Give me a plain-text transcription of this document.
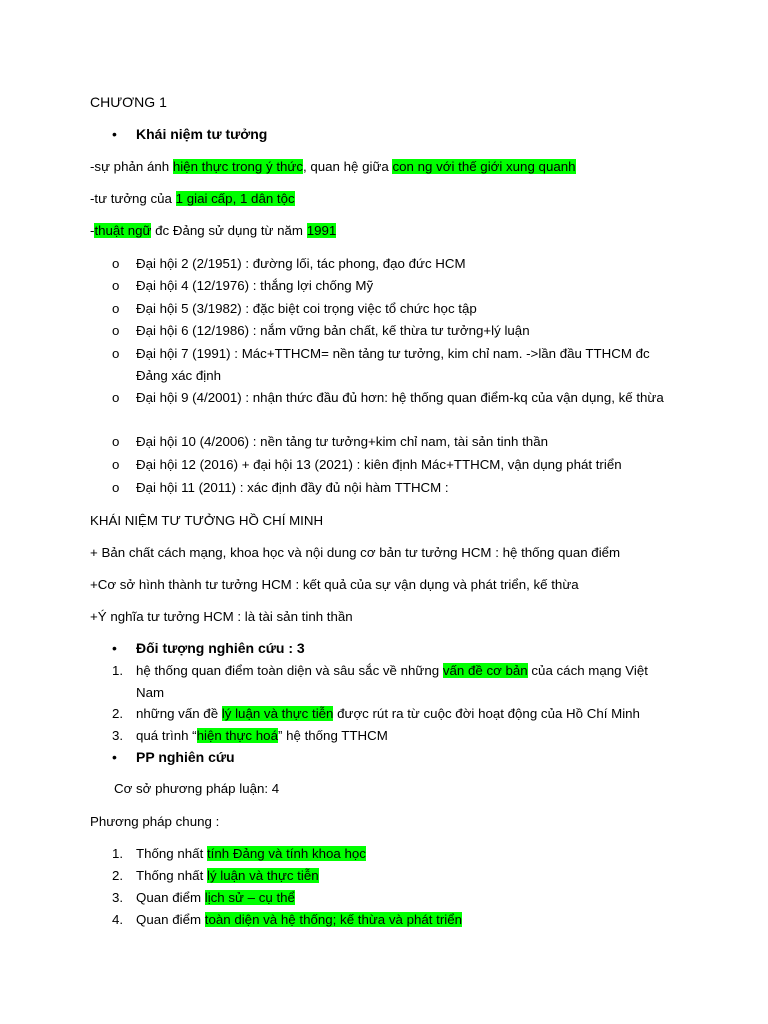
CHƯƠNG 1
• Khái niệm tư tưởng
-sự phản ánh hiện thực trong ý thức, quan hệ giữa con ng với thế giới xung quanh
-tư tưởng của 1 giai cấp, 1 dân tộc
-thuật ngữ đc Đảng sử dụng từ năm 1991
o Đại hội 2 (2/1951) : đường lối, tác phong, đạo đức HCM
o Đại hội 4 (12/1976) : thắng lợi chống Mỹ
o Đại hội 5 (3/1982) : đặc biệt coi trọng việc tổ chức học tập
o Đại hội 6 (12/1986) : nắm vững bản chất, kế thừa tư tưởng+lý luận
o Đại hội 7 (1991) : Mác+TTHCM= nền tảng tư tưởng, kim chỉ nam. ->lần đầu TTHCM đc Đảng xác định
o Đại hội 9 (4/2001) : nhận thức đầu đủ hơn: hệ thống quan điểm-kq của vận dụng, kế thừa
o Đại hội 10 (4/2006) : nền tảng tư tưởng+kim chỉ nam, tài sản tinh thần
o Đại hội 12 (2016) + đại hội 13 (2021) : kiên định Mác+TTHCM, vận dụng phát triển
o Đại hội 11 (2011) : xác định đầy đủ nội hàm TTHCM :
KHÁI NIỆM TƯ TƯỞNG HỒ CHÍ MINH
+ Bản chất cách mạng, khoa học và nội dung cơ bản tư tưởng HCM : hệ thống quan điểm
+Cơ sở hình thành tư tưởng HCM : kết quả của sự vận dụng và phát triển, kế thừa
+Ý nghĩa tư tưởng HCM : là tài sản tinh thần
• Đối tượng nghiên cứu : 3
1. hệ thống quan điểm toàn diện và sâu sắc về những vấn đề cơ bản của cách mạng Việt Nam
2. những vấn đề lý luận và thực tiễn được rút ra từ cuộc đời hoạt động của Hồ Chí Minh
3. quá trình “hiện thực hoá” hệ thống TTHCM
• PP nghiên cứu
Cơ sở phương pháp luận: 4
Phương pháp chung :
1. Thống nhất tính Đảng và tính khoa học
2. Thống nhất lý luận và thực tiễn
3. Quan điểm lịch sử – cụ thể
4. Quan điểm toàn diện và hệ thống; kế thừa và phát triển
